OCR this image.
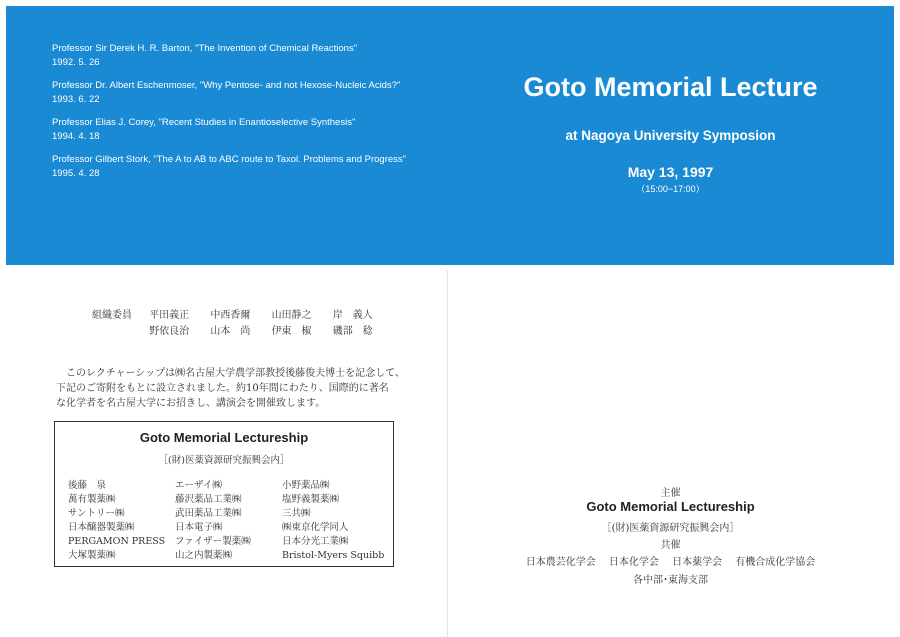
Professor Sir Derek H. R. Barton, "The Invention of Chemical Reactions"
1992. 5. 26
Professor Dr. Albert Eschenmoser, "Why Pentose- and not Hexose-Nucleic Acids?"
1993. 6. 22
Professor Elias J. Corey, "Recent Studies in Enantioselective Synthesis"
1994. 4. 18
Professor Gilbert Stork, "The A to AB to ABC route to Taxol. Problems and Progress"
1995. 4. 28
Goto Memorial Lecture
at Nagoya University Symposion
May 13, 1997
（15:00−17:00）
組織委員 平田義正 中西香爾 山田静之 岸　義人
野依良治 山本　尚 伊東　椒 磯部　稔
　このレクチャーシップは㈱名古屋大学農学部教授後藤俊夫博士を記念して、
下記のご寄附をもとに設立されました。約10年間にわたり、国際的に著名
な化学者を名古屋大学にお招きし、講演会を開催致します。
Goto Memorial Lectureship
［(財)医薬資源研究振興会内］
後藤　泉	エーザイ㈱	小野薬品㈱
萬有製薬㈱	藤沢薬品工業㈱	塩野義製薬㈱
サントリー㈱	武田薬品工業㈱	三共㈱
日本醸器製薬㈱	日本電子㈱	㈱東京化学同人
PERGAMON PRESS ファイザー製薬㈱	日本分光工業㈱
大塚製薬㈱	山之内製薬㈱	Bristol-Myers Squibb
主催
Goto Memorial Lectureship
［(財)医薬資源研究振興会内］
共催
日本農芸化学会 日本化学会 日本薬学会 有機合成化学協会
各中部･東海支部
